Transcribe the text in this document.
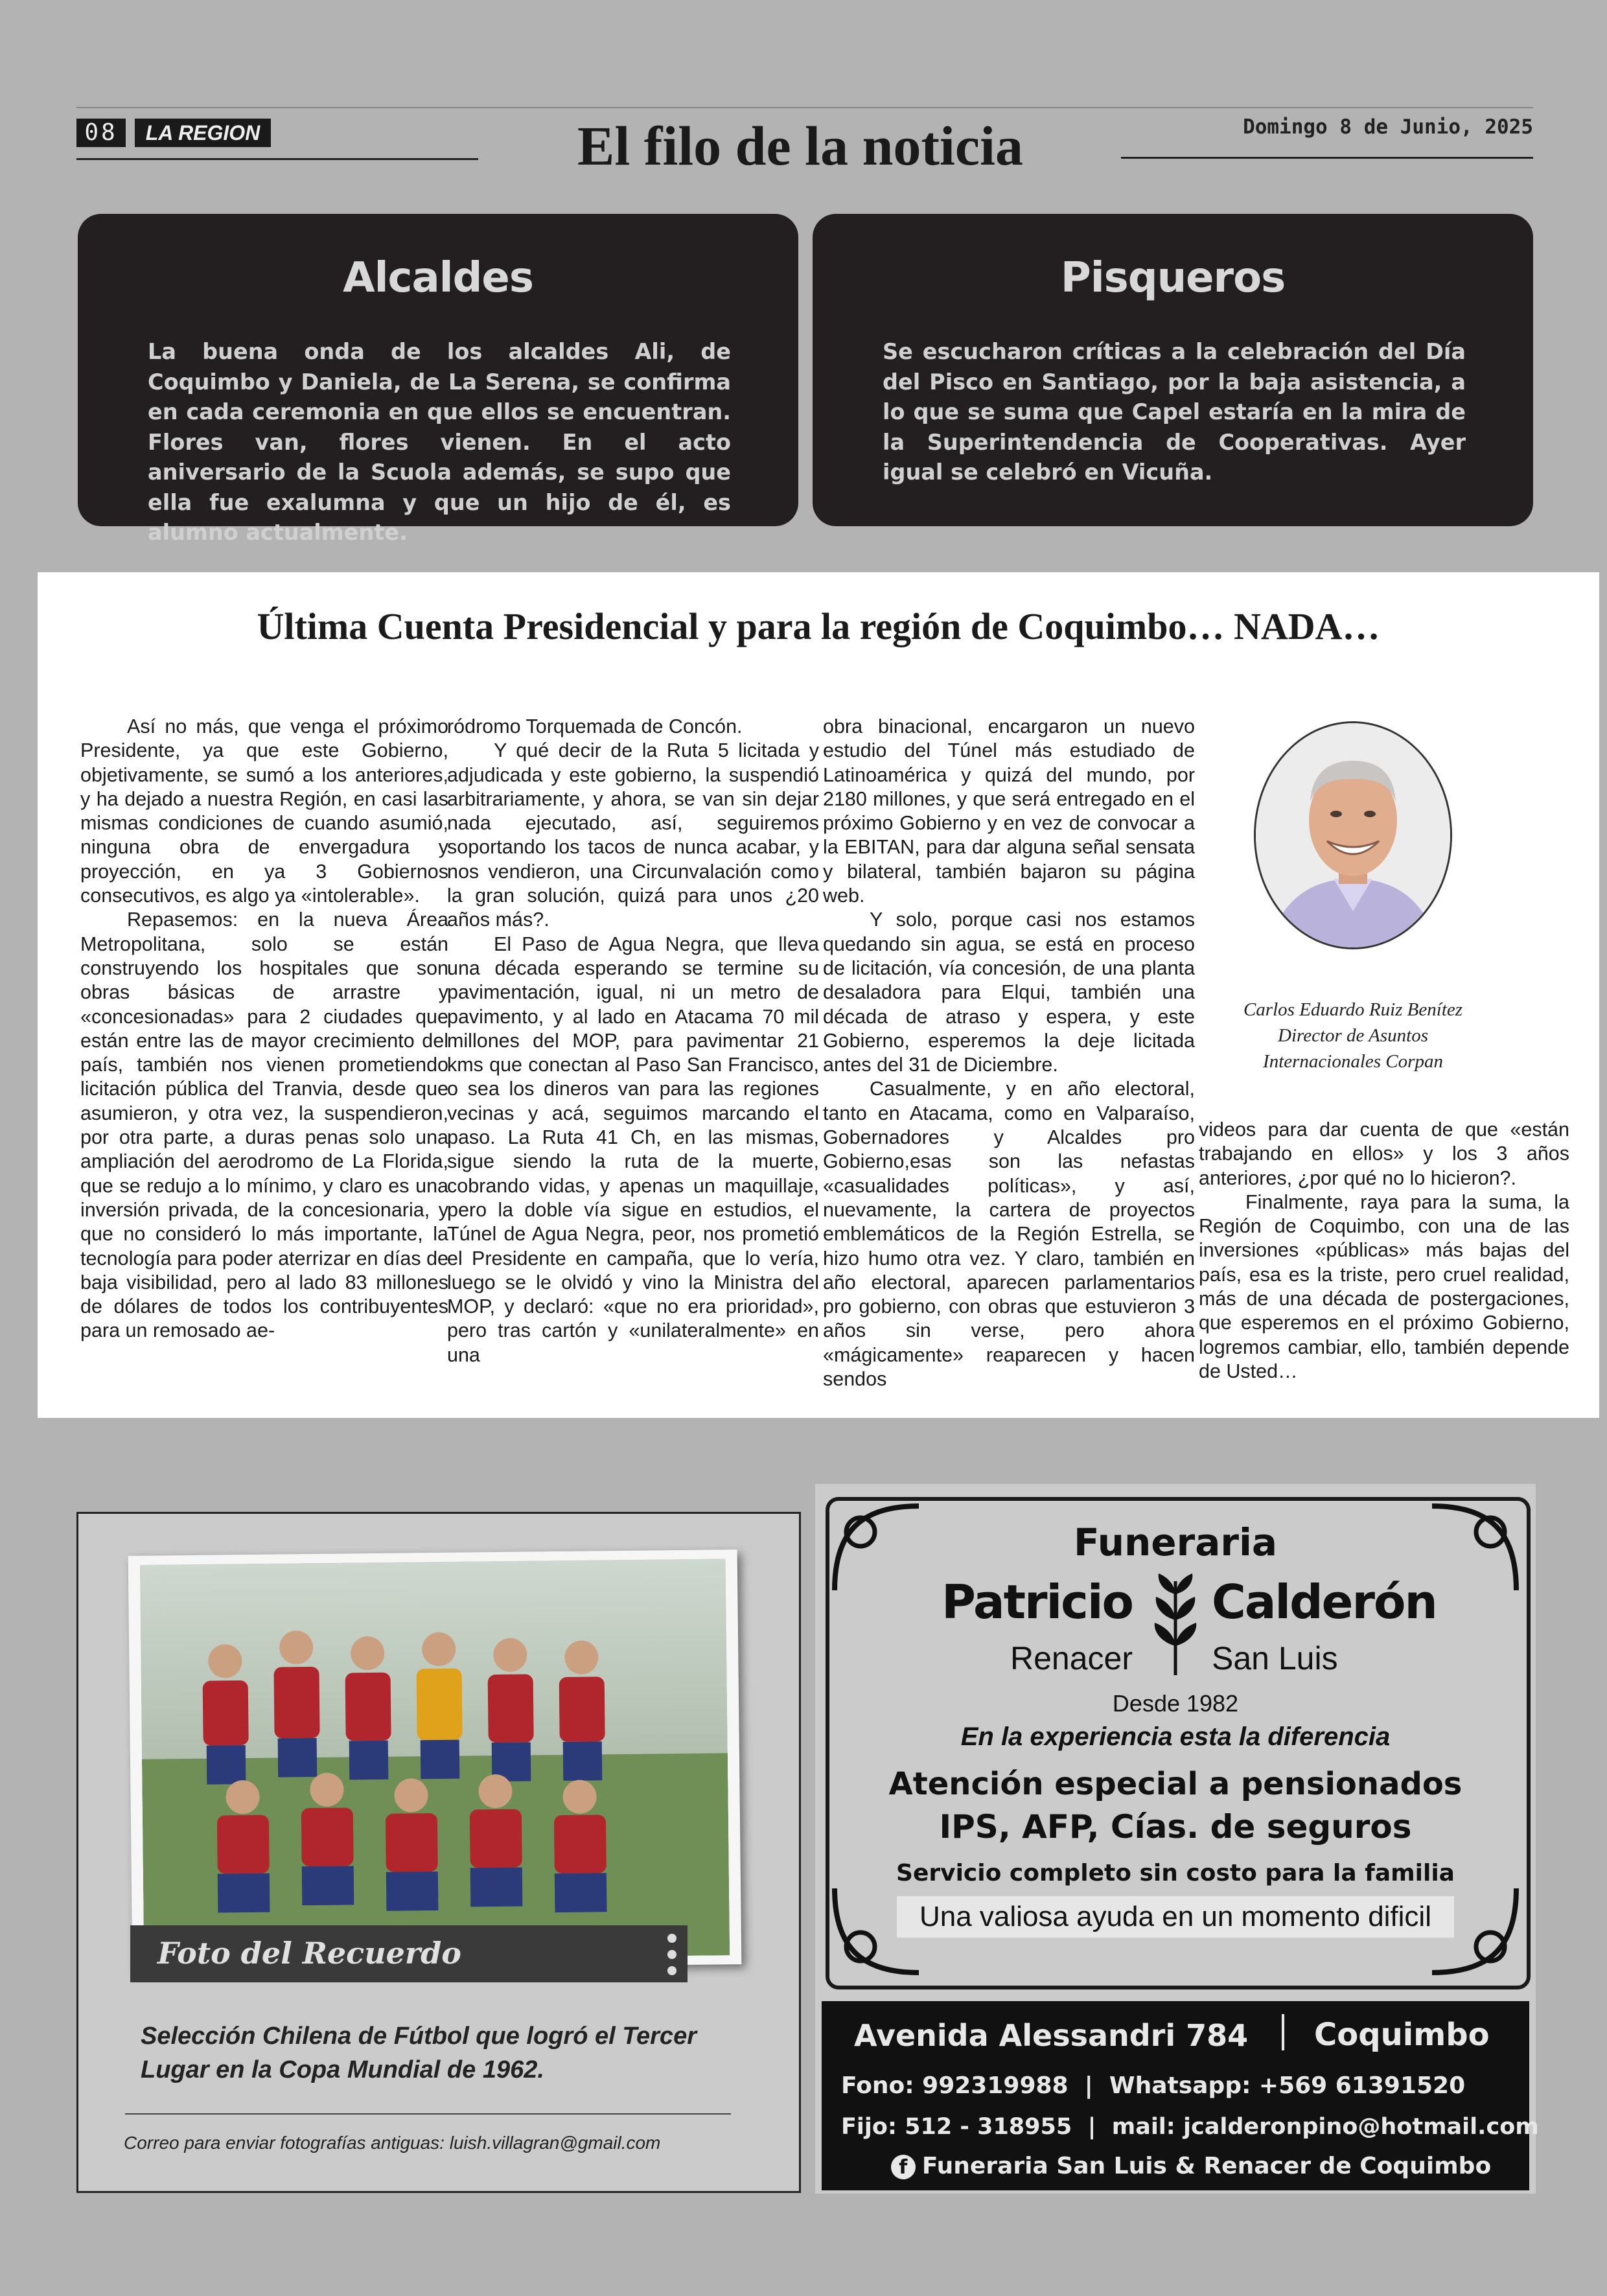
08	LA REGION	El filo de la noticia	Domingo 8 de Junio, 2025
Alcaldes

La buena onda de los alcaldes Ali, de Coquimbo y Daniela, de La Serena, se confirma en cada ceremonia en que ellos se encuentran. Flores van, flores vienen. En el acto aniversario de la Scuola además, se supo que ella fue exalumna y que un hijo de él, es alumno actualmente.

Pisqueros

Se escucharon críticas a la celebración del Día del Pisco en Santiago, por la baja asistencia, a lo que se suma que Capel estaría en la mira de la Superintendencia de Cooperativas. Ayer igual se celebró en Vicuña.

Última Cuenta Presidencial y para la región de Coquimbo… NADA…

Así no más, que venga el próximo Presidente, ya que este Gobierno, objetivamente, se sumó a los anteriores, y ha dejado a nuestra Región, en casi las mismas condiciones de cuando asumió, ninguna obra de envergadura y proyección, en ya 3 Gobiernos consecutivos, es algo ya «intolerable».

Repasemos: en la nueva Área Metropolitana, solo se están construyendo los hospitales que son obras básicas de arrastre y «concesionadas» para 2 ciudades que están entre las de mayor crecimiento del país, también nos vienen prometiendo licitación pública del Tranvia, desde que asumieron, y otra vez, la suspendieron, por otra parte, a duras penas solo una ampliación del aerodromo de La Florida, que se redujo a lo mínimo, y claro es una inversión privada, de la concesionaria, y que no consideró lo más importante, la tecnología para poder aterrizar en días de baja visibilidad, pero al lado 83 millones de dólares de todos los contribuyentes para un remosado ae-

ródromo Torquemada de Concón.

Y qué decir de la Ruta 5 licitada y adjudicada y este gobierno, la suspendió arbitrariamente, y ahora, se van sin dejar nada ejecutado, así, seguiremos soportando los tacos de nunca acabar, y nos vendieron, una Circunvalación como la gran solución, quizá para unos ¿20 años más?.

El Paso de Agua Negra, que lleva una década esperando se termine su pavimentación, igual, ni un metro de pavimento, y al lado en Atacama 70 mil millones del MOP, para pavimentar 21 kms que conectan al Paso San Francisco, o sea los dineros van para las regiones vecinas y acá, seguimos marcando el paso. La Ruta 41 Ch, en las mismas, sigue siendo la ruta de la muerte, cobrando vidas, y apenas un maquillaje, pero la doble vía sigue en estudios, el Túnel de Agua Negra, peor, nos prometió el Presidente en campaña, que lo vería, luego se le olvidó y vino la Ministra del MOP, y declaró: «que no era prioridad», pero tras cartón y «unilateralmente» en una

obra binacional, encargaron un nuevo estudio del Túnel más estudiado de Latinoamérica y quizá del mundo, por 2180 millones, y que será entregado en el próximo Gobierno y en vez de convocar a la EBITAN, para dar alguna señal sensata y bilateral, también bajaron su página web.

Y solo, porque casi nos estamos quedando sin agua, se está en proceso de licitación, vía concesión, de una planta desaladora para Elqui, también una década de atraso y espera, y este Gobierno, esperemos la deje licitada antes del 31 de Diciembre.

Casualmente, y en año electoral, tanto en Atacama, como en Valparaíso, Gobernadores y Alcaldes pro Gobierno,esas son las nefastas «casualidades políticas», y así, nuevamente, la cartera de proyectos emblemáticos de la Región Estrella, se hizo humo otra vez. Y claro, también en año electoral, aparecen parlamentarios pro gobierno, con obras que estuvieron 3 años sin verse, pero ahora «mágicamente» reaparecen y hacen sendos

Carlos Eduardo Ruiz Benítez
Director de Asuntos
Internacionales Corpan

videos para dar cuenta de que «están trabajando en ellos» y los 3 años anteriores, ¿por qué no lo hicieron?.

Finalmente, raya para la suma, la Región de Coquimbo, con una de las inversiones «públicas» más bajas del país, esa es la triste, pero cruel realidad, más de una década de postergaciones, que esperemos en el próximo Gobierno, logremos cambiar, ello, también depende de Usted…

Foto del Recuerdo
Selección Chilena de Fútbol que logró el Tercer Lugar en la Copa Mundial de 1962.
Correo para enviar fotografías antiguas: luish.villagran@gmail.com
Funeraria
Patricio Calderón
Renacer San Luis
Desde 1982
En la experiencia esta la diferencia
Atención especial a pensionados
IPS, AFP, Cías. de seguros
Servicio completo sin costo para la familia
Una valiosa ayuda en un momento dificil
Avenida Alessandri 784 Coquimbo
Fono: 992319988  |  Whatsapp: +569 61391520
Fijo: 512 - 318955  |  mail: jcalderonpino@hotmail.com
f Funeraria San Luis & Renacer de Coquimbo
